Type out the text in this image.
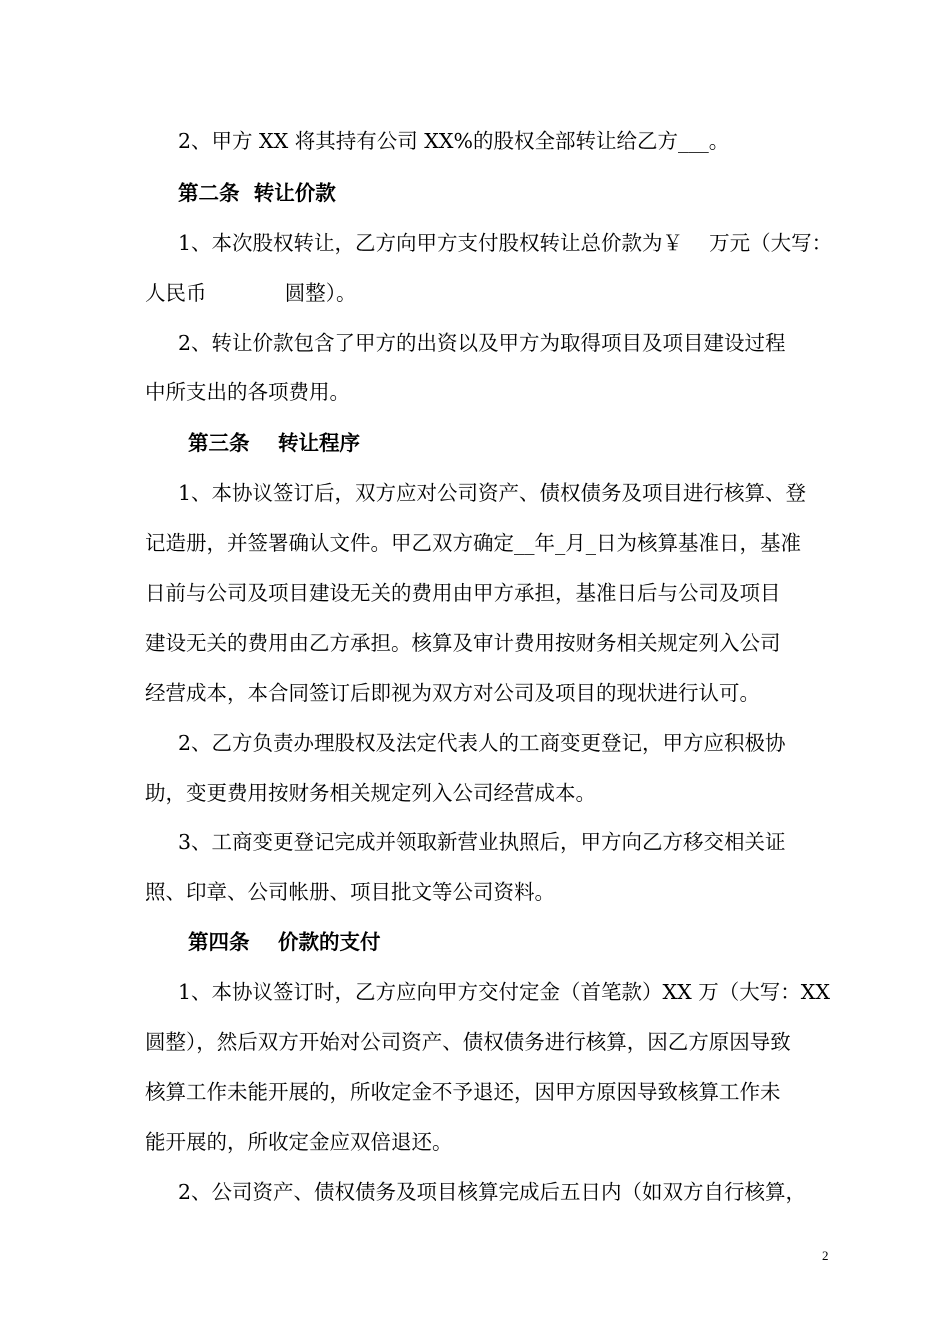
2、甲方 XX 将其持有公司 XX%的股权全部转让给乙方___。
第二条  转让价款
1、本次股权转让，乙方向甲方支付股权转让总价款为￥    万元（大写：
人民币            圆整）。
2、转让价款包含了甲方的出资以及甲方为取得项目及项目建设过程
中所支出的各项费用。
第三条    转让程序
1、本协议签订后，双方应对公司资产、债权债务及项目进行核算、登
记造册，并签署确认文件。甲乙双方确定__年_月_日为核算基准日，基准
日前与公司及项目建设无关的费用由甲方承担，基准日后与公司及项目
建设无关的费用由乙方承担。核算及审计费用按财务相关规定列入公司
经营成本，本合同签订后即视为双方对公司及项目的现状进行认可。
2、乙方负责办理股权及法定代表人的工商变更登记，甲方应积极协
助，变更费用按财务相关规定列入公司经营成本。
3、工商变更登记完成并领取新营业执照后，甲方向乙方移交相关证
照、印章、公司帐册、项目批文等公司资料。
第四条    价款的支付
1、本协议签订时，乙方应向甲方交付定金（首笔款）XX 万（大写：XX
圆整），然后双方开始对公司资产、债权债务进行核算，因乙方原因导致
核算工作未能开展的，所收定金不予退还，因甲方原因导致核算工作未
能开展的，所收定金应双倍退还。
2、公司资产、债权债务及项目核算完成后五日内（如双方自行核算，
2
